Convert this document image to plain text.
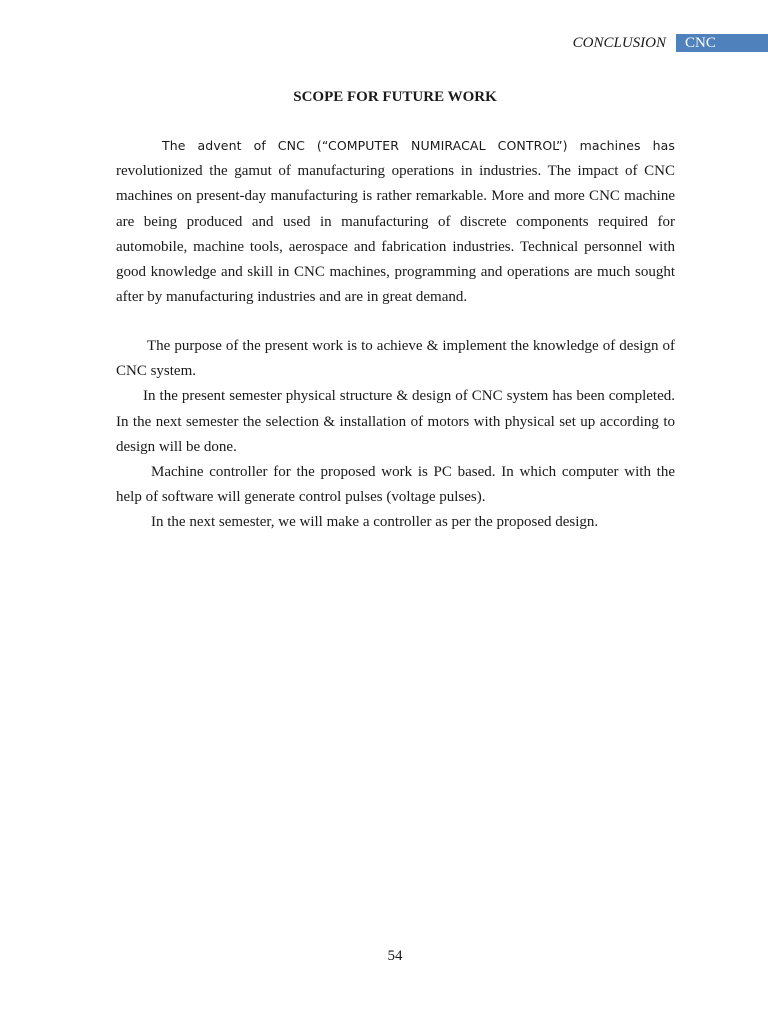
CONCLUSION	CNC
SCOPE FOR FUTURE WORK

The advent of CNC (“COMPUTER NUMIRACAL CONTROL”) machines has revolutionized the gamut of manufacturing operations in industries. The impact of CNC machines on present-day manufacturing is rather remarkable. More and more CNC machine are being produced and used in manufacturing of discrete components required for automobile, machine tools, aerospace and fabrication industries. Technical personnel with good knowledge and skill in CNC machines, programming and operations are much sought after by manufacturing industries and are in great demand.

The purpose of the present work is to achieve & implement the knowledge of design of CNC system.

In the present semester physical structure & design of CNC system has been completed. In the next semester the selection & installation of motors with physical set up according to design will be done.

Machine controller for the proposed work is PC based. In which computer with the help of software will generate control pulses (voltage pulses).

In the next semester, we will make a controller as per the proposed design.

54
